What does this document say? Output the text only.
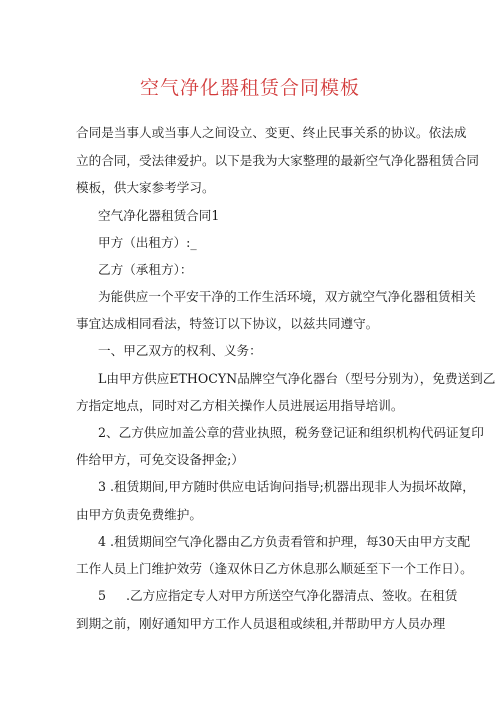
空气净化器租赁合同模板
合同是当事人或当事人之间设立、变更、终止民事关系的协议。依法成
立的合同，受法律爱护。以下是我为大家整理的最新空气净化器租赁合同
模板，供大家参考学习。
空气净化器租赁合同1
甲方（出租方）:_
乙方（承租方）：
为能供应一个平安干净的工作生活环境，双方就空气净化器租赁相关
事宜达成相同看法，特签订以下协议，以兹共同遵守。
一、甲乙双方的权利、义务：
L由甲方供应ETHOCYN品牌空气净化器台（型号分别为），免费送到乙
方指定地点，同时对乙方相关操作人员进展运用指导培训。
2、乙方供应加盖公章的营业执照，税务登记证和组织机构代码证复印
件给甲方，可免交设备押金;）
3 .租赁期间,甲方随时供应电话询问指导;机器出现非人为损坏故障，
由甲方负责免费维护。
4 .租赁期间空气净化器由乙方负责看管和护理，每30天由甲方支配
工作人员上门维护效劳（逢双休日乙方休息那么顺延至下一个工作日）。
5     .乙方应指定专人对甲方所送空气净化器清点、签收。在租赁
到期之前，刚好通知甲方工作人员退租或续租,并帮助甲方人员办理
